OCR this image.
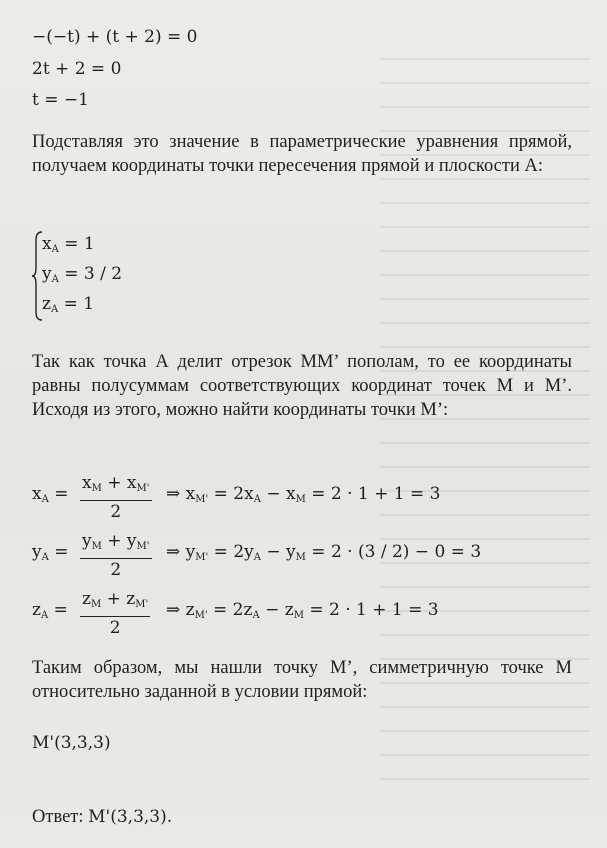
−(−t) + (t + 2) = 0
2t + 2 = 0
t = −1
Подставляя это значение в параметрические уравнения прямой, получаем координаты точки пересечения прямой и плоскости А:
$x_A = 1$
$y_A = 3 / 2$
$z_A = 1$
Так как точка А делит отрезок ММ’ пополам, то ее координаты равны полусуммам соответствующих координат точек М и М’. Исходя из этого, можно найти координаты точки М’:
$x_A = \frac{x_M + x_{M'}}{2}$ ⇒ $x_{M'} = 2x_A - x_M = 2 \cdot 1 + 1 = 3$
$y_A = \frac{y_M + y_{M'}}{2}$ ⇒ $y_{M'} = 2y_A - y_M = 2 \cdot (3 / 2) - 0 = 3$
$z_A = \frac{z_M + z_{M'}}{2}$ ⇒ $z_{M'} = 2z_A - z_M = 2 \cdot 1 + 1 = 3$
Таким образом, мы нашли точку М’, симметричную точке М относительно заданной в условии прямой:
M'(3,3,3)
Ответ: M'(3,3,3).
